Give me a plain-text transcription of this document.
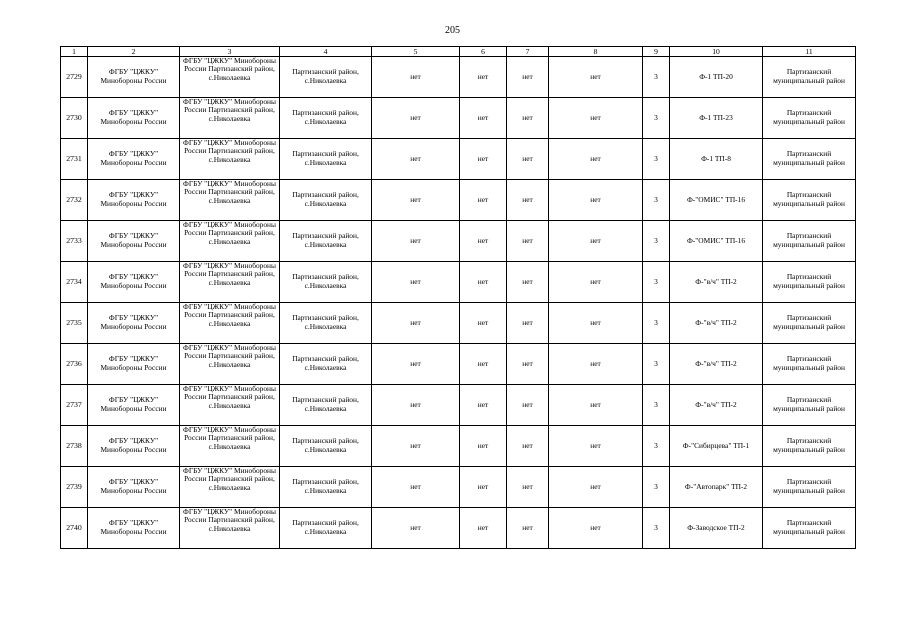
205
1	2	3	4	5	6	7	8	9	10	11
2729	ФГБУ "ЦЖКУ" Минобороны России	ФГБУ "ЦЖКУ" Минобороны России Партизанский район, с.Николаевка	Партизанский район, с.Николаевка	нет	нет	нет	нет	3	Ф-1 ТП-20	Партизанский муниципальный район
2730	ФГБУ "ЦЖКУ" Минобороны России	ФГБУ "ЦЖКУ" Минобороны России Партизанский район, с.Николаевка	Партизанский район, с.Николаевка	нет	нет	нет	нет	3	Ф-1 ТП-23	Партизанский муниципальный район
2731	ФГБУ "ЦЖКУ" Минобороны России	ФГБУ "ЦЖКУ" Минобороны России Партизанский район, с.Николаевка	Партизанский район, с.Николаевка	нет	нет	нет	нет	3	Ф-1 ТП-8	Партизанский муниципальный район
2732	ФГБУ "ЦЖКУ" Минобороны России	ФГБУ "ЦЖКУ" Минобороны России Партизанский район, с.Николаевка	Партизанский район, с.Николаевка	нет	нет	нет	нет	3	Ф-"ОМИС" ТП-16	Партизанский муниципальный район
2733	ФГБУ "ЦЖКУ" Минобороны России	ФГБУ "ЦЖКУ" Минобороны России Партизанский район, с.Николаевка	Партизанский район, с.Николаевка	нет	нет	нет	нет	3	Ф-"ОМИС" ТП-16	Партизанский муниципальный район
2734	ФГБУ "ЦЖКУ" Минобороны России	ФГБУ "ЦЖКУ" Минобороны России Партизанский район, с.Николаевка	Партизанский район, с.Николаевка	нет	нет	нет	нет	3	Ф-"в/ч" ТП-2	Партизанский муниципальный район
2735	ФГБУ "ЦЖКУ" Минобороны России	ФГБУ "ЦЖКУ" Минобороны России Партизанский район, с.Николаевка	Партизанский район, с.Николаевка	нет	нет	нет	нет	3	Ф-"в/ч" ТП-2	Партизанский муниципальный район
2736	ФГБУ "ЦЖКУ" Минобороны России	ФГБУ "ЦЖКУ" Минобороны России Партизанский район, с.Николаевка	Партизанский район, с.Николаевка	нет	нет	нет	нет	3	Ф-"в/ч" ТП-2	Партизанский муниципальный район
2737	ФГБУ "ЦЖКУ" Минобороны России	ФГБУ "ЦЖКУ" Минобороны России Партизанский район, с.Николаевка	Партизанский район, с.Николаевка	нет	нет	нет	нет	3	Ф-"в/ч" ТП-2	Партизанский муниципальный район
2738	ФГБУ "ЦЖКУ" Минобороны России	ФГБУ "ЦЖКУ" Минобороны России Партизанский район, с.Николаевка	Партизанский район, с.Николаевка	нет	нет	нет	нет	3	Ф-"Сибирцева" ТП-1	Партизанский муниципальный район
2739	ФГБУ "ЦЖКУ" Минобороны России	ФГБУ "ЦЖКУ" Минобороны России Партизанский район, с.Николаевка	Партизанский район, с.Николаевка	нет	нет	нет	нет	3	Ф-"Автопарк" ТП-2	Партизанский муниципальный район
2740	ФГБУ "ЦЖКУ" Минобороны России	ФГБУ "ЦЖКУ" Минобороны России Партизанский район, с.Николаевка	Партизанский район, с.Николаевка	нет	нет	нет	нет	3	Ф-Заводское ТП-2	Партизанский муниципальный район
